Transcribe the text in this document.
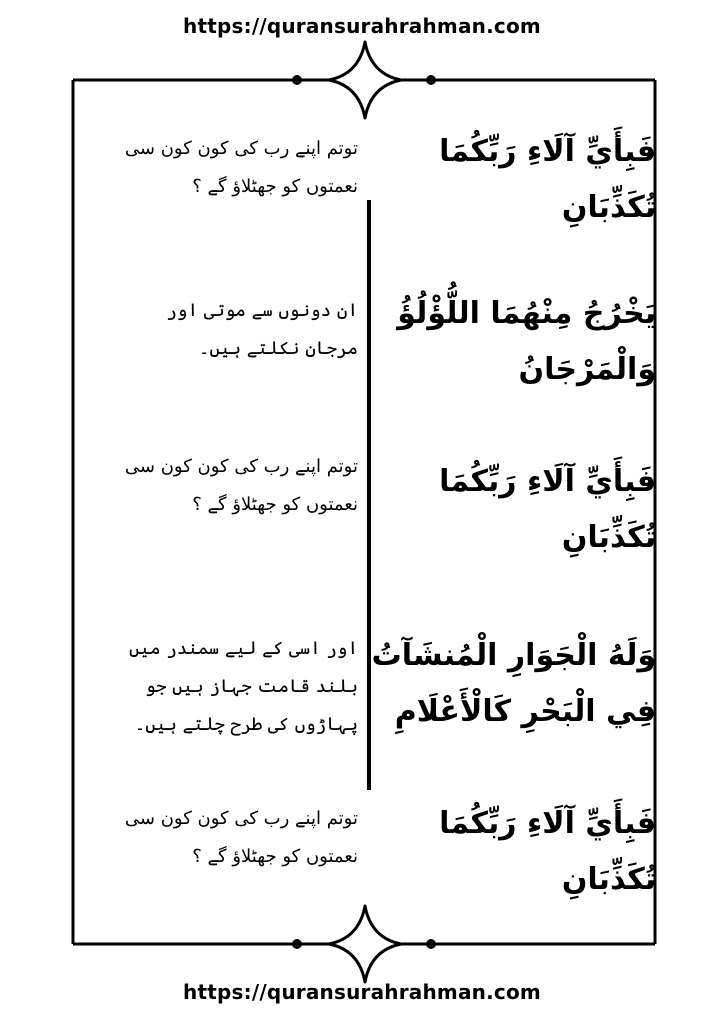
https://quransurahrahman.com
فَبِأَيِّ آلَاءِ رَبِّكُمَا تُكَذِّبَانِ
توتم اپنے رب کی کون کون سی نعمتوں کو جھٹلاؤ گے ؟
يَخْرُجُ مِنْهُمَا اللُّؤْلُؤُ وَالْمَرْجَانُ
ان دونوں سے موتی اور مرجان نکلتے ہیں۔
فَبِأَيِّ آلَاءِ رَبِّكُمَا تُكَذِّبَانِ
توتم اپنے رب کی کون کون سی نعمتوں کو جھٹلاؤ گے ؟
وَلَهُ الْجَوَارِ الْمُنشَآتُ فِي الْبَحْرِ كَالْأَعْلَامِ
اور اسی کے لیے سمندر میں بلند قامت جہاز ہیں جو پہاڑوں کی طرح چلتے ہیں۔
فَبِأَيِّ آلَاءِ رَبِّكُمَا تُكَذِّبَانِ
توتم اپنے رب کی کون کون سی نعمتوں کو جھٹلاؤ گے ؟
https://quransurahrahman.com
